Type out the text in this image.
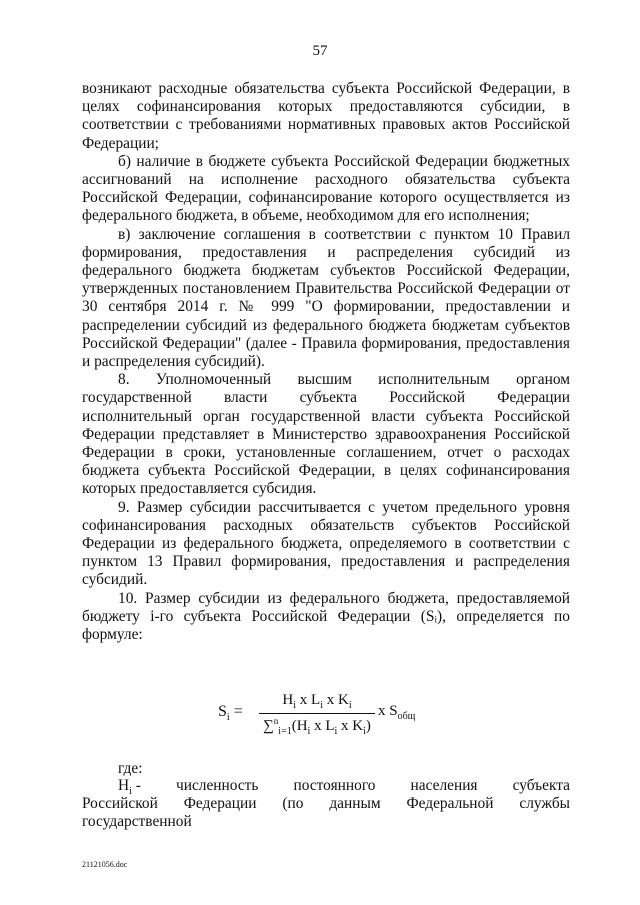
57

возникают расходные обязательства субъекта Российской Федерации, в целях софинансирования которых предоставляются субсидии, в соответствии с требованиями нормативных правовых актов Российской Федерации;

б) наличие в бюджете субъекта Российской Федерации бюджетных ассигнований на исполнение расходного обязательства субъекта Российской Федерации, софинансирование которого осуществляется из федерального бюджета, в объеме, необходимом для его исполнения;

в) заключение соглашения в соответствии с пунктом 10 Правил формирования, предоставления и распределения субсидий из федерального бюджета бюджетам субъектов Российской Федерации, утвержденных постановлением Правительства Российской Федерации от 30 сентября 2014 г. № 999 "О формировании, предоставлении и распределении субсидий из федерального бюджета бюджетам субъектов Российской Федерации" (далее - Правила формирования, предоставления и распределения субсидий).

8. Уполномоченный высшим исполнительным органом государственной власти субъекта Российской Федерации исполнительный орган государственной власти субъекта Российской Федерации представляет в Министерство здравоохранения Российской Федерации в сроки, установленные соглашением, отчет о расходах бюджета субъекта Российской Федерации, в целях софинансирования которых предоставляется субсидия.

9. Размер субсидии рассчитывается с учетом предельного уровня софинансирования расходных обязательств субъектов Российской Федерации из федерального бюджета, определяемого в соответствии с пунктом 13 Правил формирования, предоставления и распределения субсидий.

10. Размер субсидии из федерального бюджета, предоставляемой бюджету i-го субъекта Российской Федерации (Sᵢ), определяется по формуле:

$S_i$ =
$H_i$ x $L_i$ x $K_i$
$\sum^n_{i=1}(H_i$ x $L_i$ x $K_i$)
x $S_{общ}$
где:
$H_i$ - численность постоянного населения субъекта
Российской Федерации (по данным Федеральной службы государственной
21121056.doc
